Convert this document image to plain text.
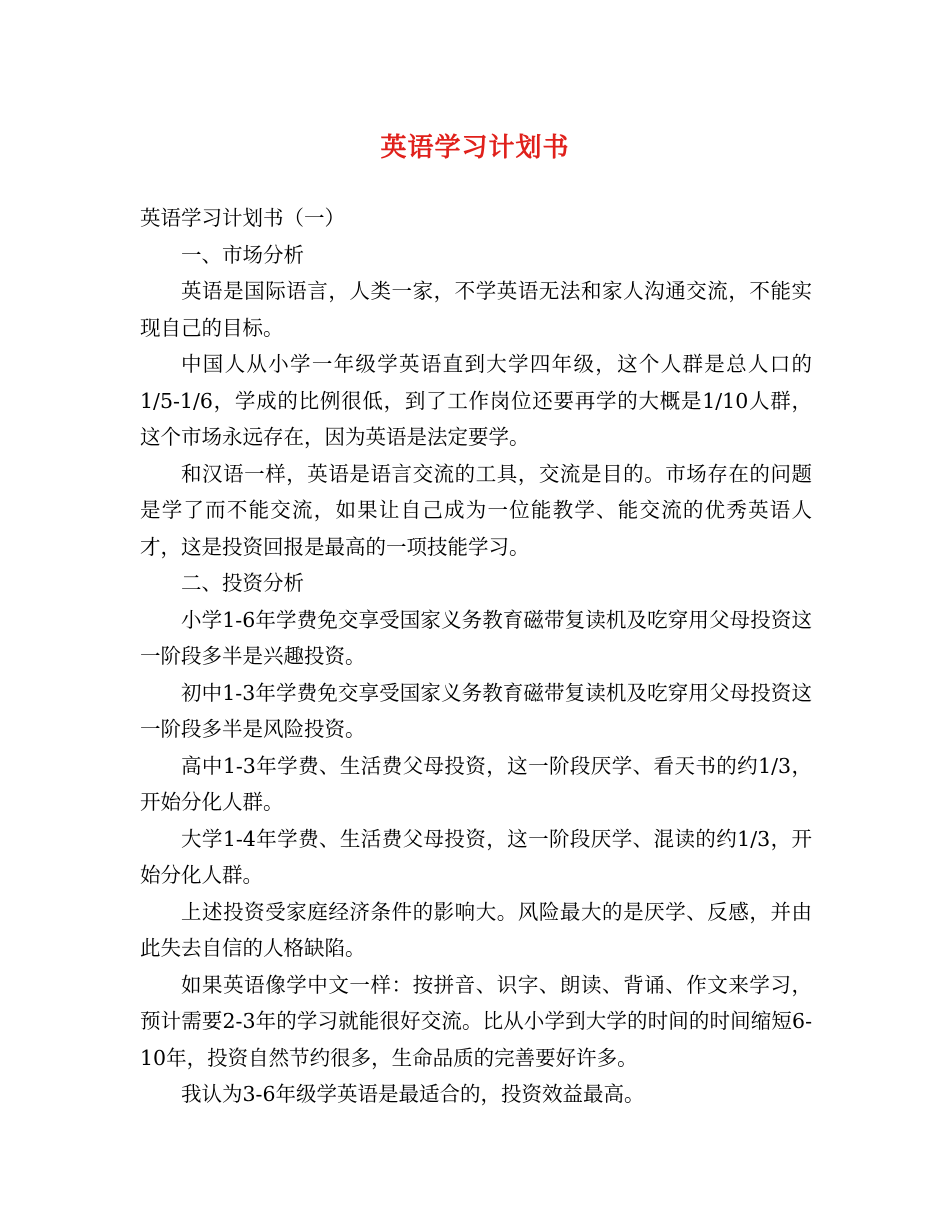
英语学习计划书

英语学习计划书（一）

一、市场分析

英语是国际语言，人类一家，不学英语无法和家人沟通交流，不能实现自己的目标。

中国人从小学一年级学英语直到大学四年级，这个人群是总人口的1/5-1/6，学成的比例很低，到了工作岗位还要再学的大概是1/10人群，这个市场永远存在，因为英语是法定要学。

和汉语一样，英语是语言交流的工具，交流是目的。市场存在的问题是学了而不能交流，如果让自己成为一位能教学、能交流的优秀英语人才，这是投资回报是最高的一项技能学习。

二、投资分析

小学1-6年学费免交享受国家义务教育磁带复读机及吃穿用父母投资这一阶段多半是兴趣投资。

初中1-3年学费免交享受国家义务教育磁带复读机及吃穿用父母投资这一阶段多半是风险投资。

高中1-3年学费、生活费父母投资，这一阶段厌学、看天书的约1/3，开始分化人群。

大学1-4年学费、生活费父母投资，这一阶段厌学、混读的约1/3，开始分化人群。

上述投资受家庭经济条件的影响大。风险最大的是厌学、反感，并由此失去自信的人格缺陷。

如果英语像学中文一样：按拼音、识字、朗读、背诵、作文来学习，预计需要2-3年的学习就能很好交流。比从小学到大学的时间的时间缩短6-10年，投资自然节约很多，生命品质的完善要好许多。

我认为3-6年级学英语是最适合的，投资效益最高。
